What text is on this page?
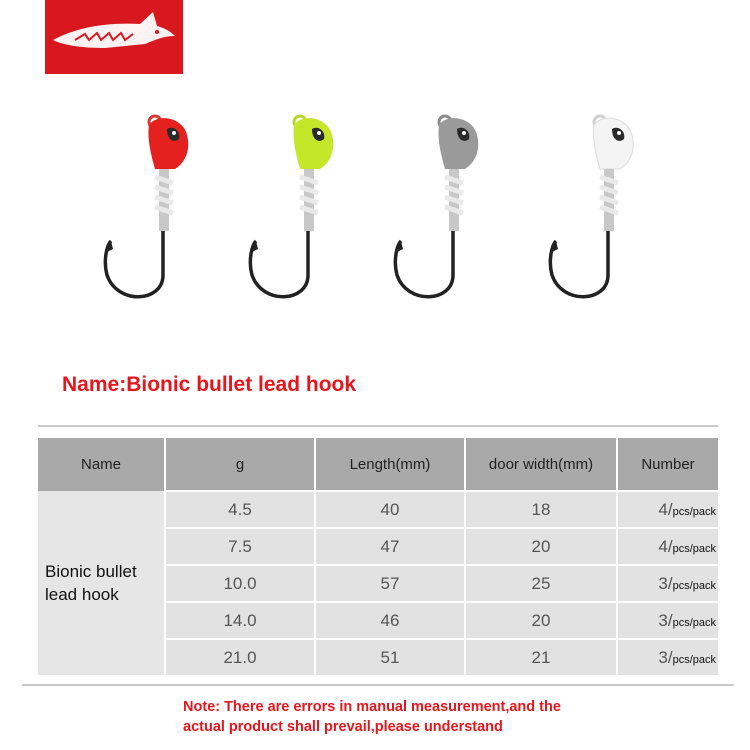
Name:Bionic bullet lead hook
Name	g	Length(mm)	door width(mm)	Number
Bionic bullet
lead hook	4.5	40	18	4/pcs/pack
	7.5	47	20	4/pcs/pack
	10.0	57	25	3/pcs/pack
	14.0	46	20	3/pcs/pack
	21.0	51	21	3/pcs/pack
Note: There are errors in manual measurement,and the
actual product shall prevail,please understand
